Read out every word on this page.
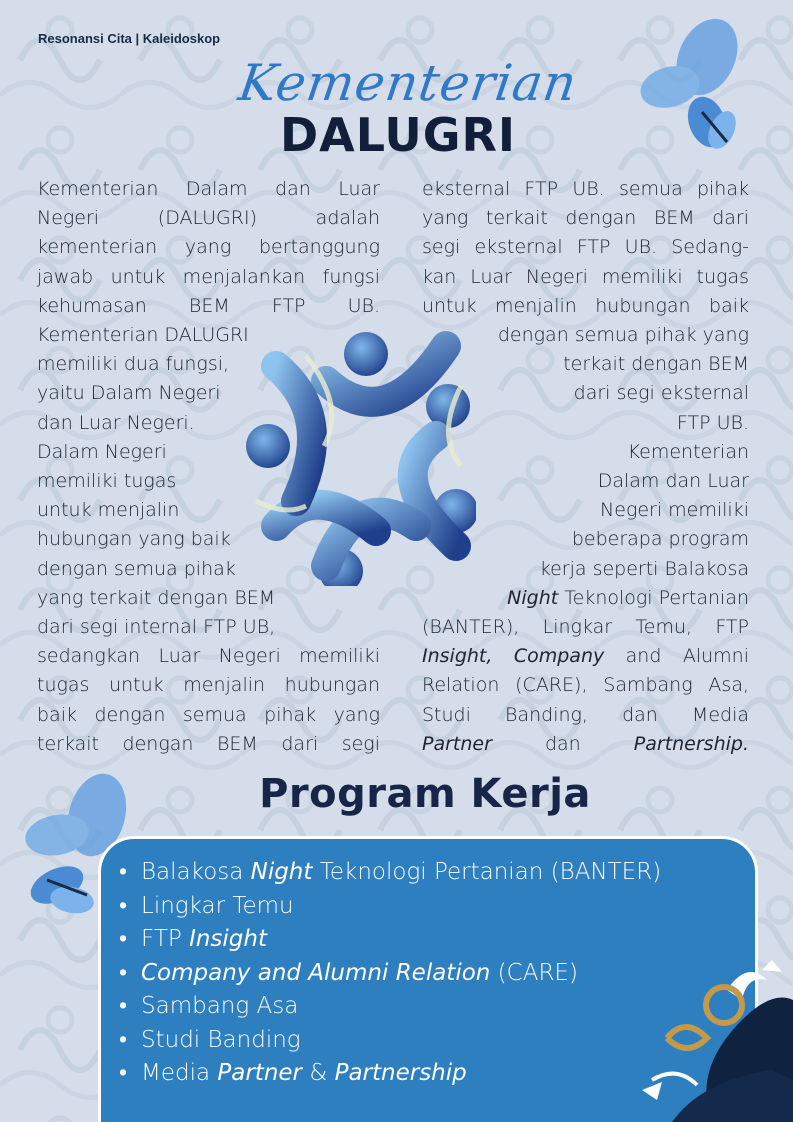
Resonansi Cita | Kaleidoskop
Kementerian
DALUGRI

Kementerian Dalam dan Luar

Negeri (DALUGRI) adalah

kementerian yang bertanggung

jawab untuk menjalankan fungsi

kehumasan BEM FTP UB.

Kementerian DALUGRI

memiliki dua fungsi,

yaitu Dalam Negeri

dan Luar Negeri.

Dalam Negeri

memiliki tugas

untuk menjalin

hubungan yang baik

dengan semua pihak

yang terkait dengan BEM

dari segi internal FTP UB,

sedangkan Luar Negeri memiliki

tugas untuk menjalin hubungan

baik dengan semua pihak yang

terkait dengan BEM dari segi

eksternal FTP UB. semua pihak

yang terkait dengan BEM dari

segi eksternal FTP UB. Sedang-

kan Luar Negeri memiliki tugas

untuk menjalin hubungan baik

dengan semua pihak yang

terkait dengan BEM

dari segi eksternal

FTP UB.

Kementerian

Dalam dan Luar

Negeri memiliki

beberapa program

kerja seperti Balakosa

Night Teknologi Pertanian

(BANTER), Lingkar Temu, FTP

Insight, Company and Alumni

Relation (CARE), Sambang Asa,

Studi Banding, dan Media

Partner	dan	Partnership.

Program Kerja
• Balakosa Night Teknologi Pertanian (BANTER)
• Lingkar Temu
• FTP Insight
• Company and Alumni Relation (CARE)
• Sambang Asa
• Studi Banding
• Media Partner & Partnership
